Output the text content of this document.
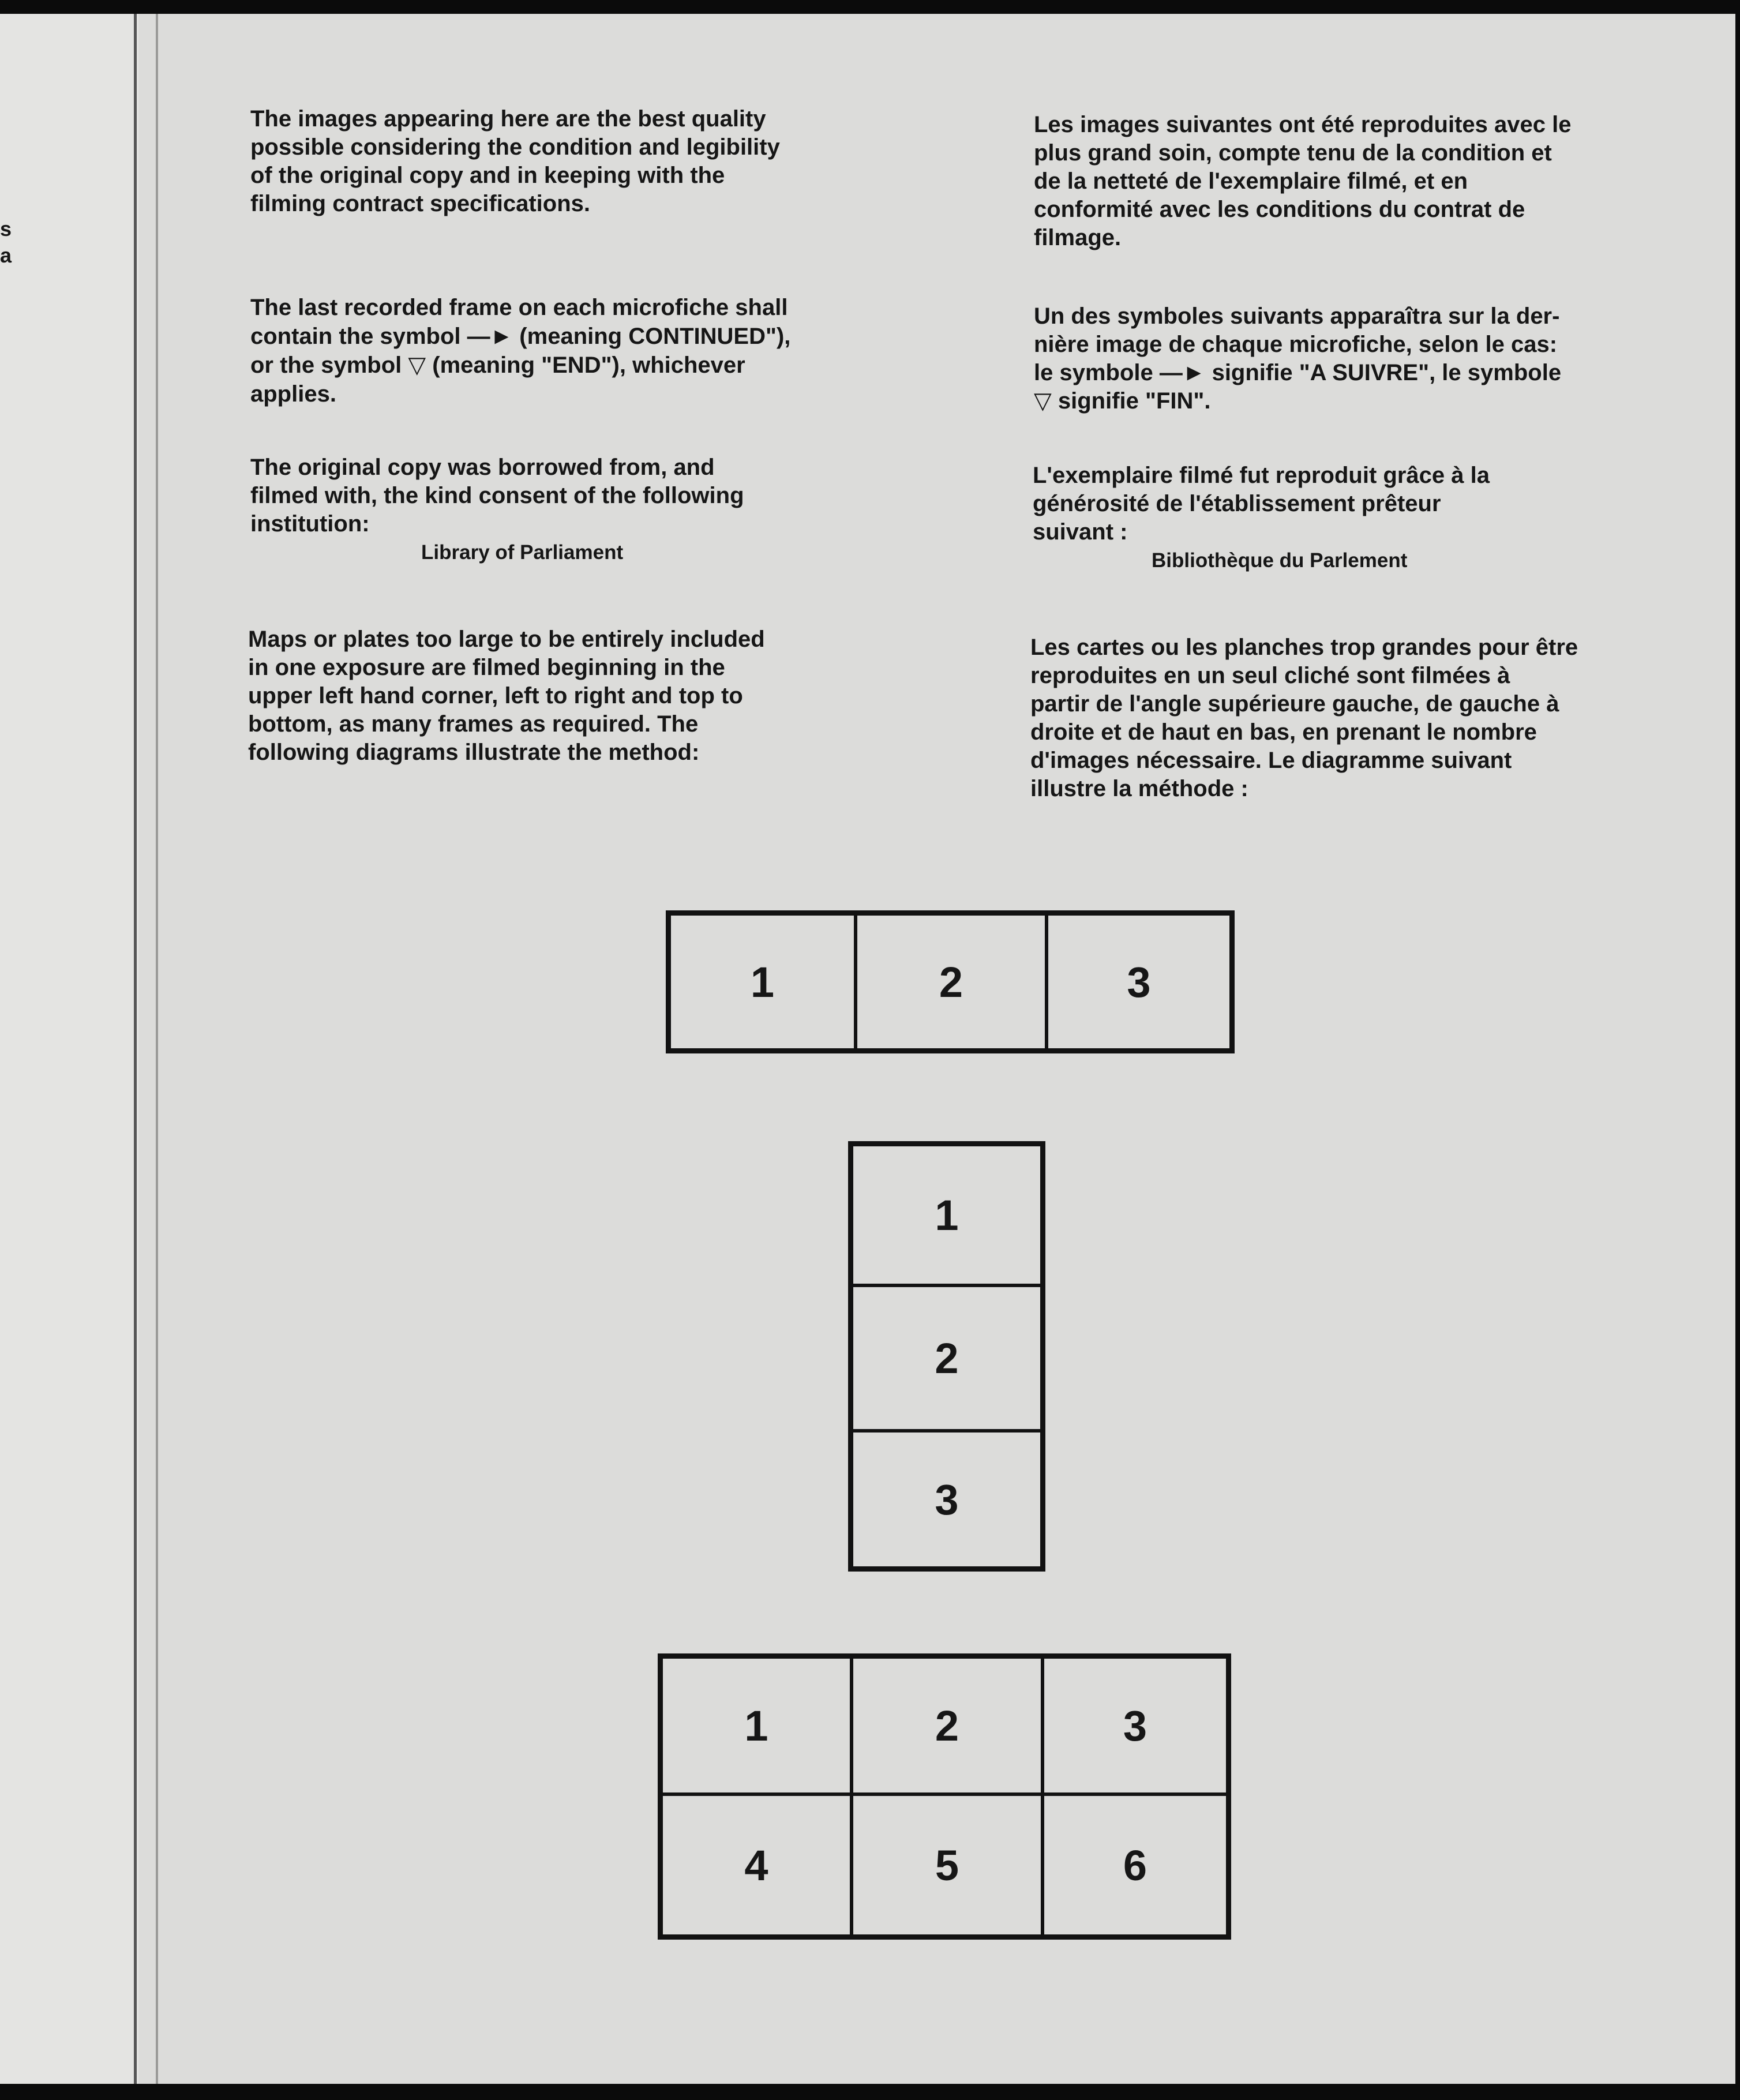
s
a
The images appearing here are the best quality
possible considering the condition and legibility
of the original copy and in keeping with the
filming contract specifications.
The last recorded frame on each microfiche shall
contain the symbol —► (meaning CONTINUED"),
or the symbol ▽ (meaning "END"), whichever
applies.
The original copy was borrowed from, and
filmed with, the kind consent of the following
institution:
Library of Parliament
Maps or plates too large to be entirely included
in one exposure are filmed beginning in the
upper left hand corner, left to right and top to
bottom, as many frames as required. The
following diagrams illustrate the method:
Les images suivantes ont été reproduites avec le
plus grand soin, compte tenu de la condition et
de la netteté de l'exemplaire filmé, et en
conformité avec les conditions du contrat de
filmage.
Un des symboles suivants apparaîtra sur la der-
nière image de chaque microfiche, selon le cas:
le symbole —► signifie "A SUIVRE", le symbole
▽ signifie "FIN".
L'exemplaire filmé fut reproduit grâce à la
générosité de l'établissement prêteur
suivant :
Bibliothèque du Parlement
Les cartes ou les planches trop grandes pour être
reproduites en un seul cliché sont filmées à
partir de l'angle supérieure gauche, de gauche à
droite et de haut en bas, en prenant le nombre
d'images nécessaire. Le diagramme suivant
illustre la méthode :
1	2	3
1
2
3
1	2	3
4	5	6
